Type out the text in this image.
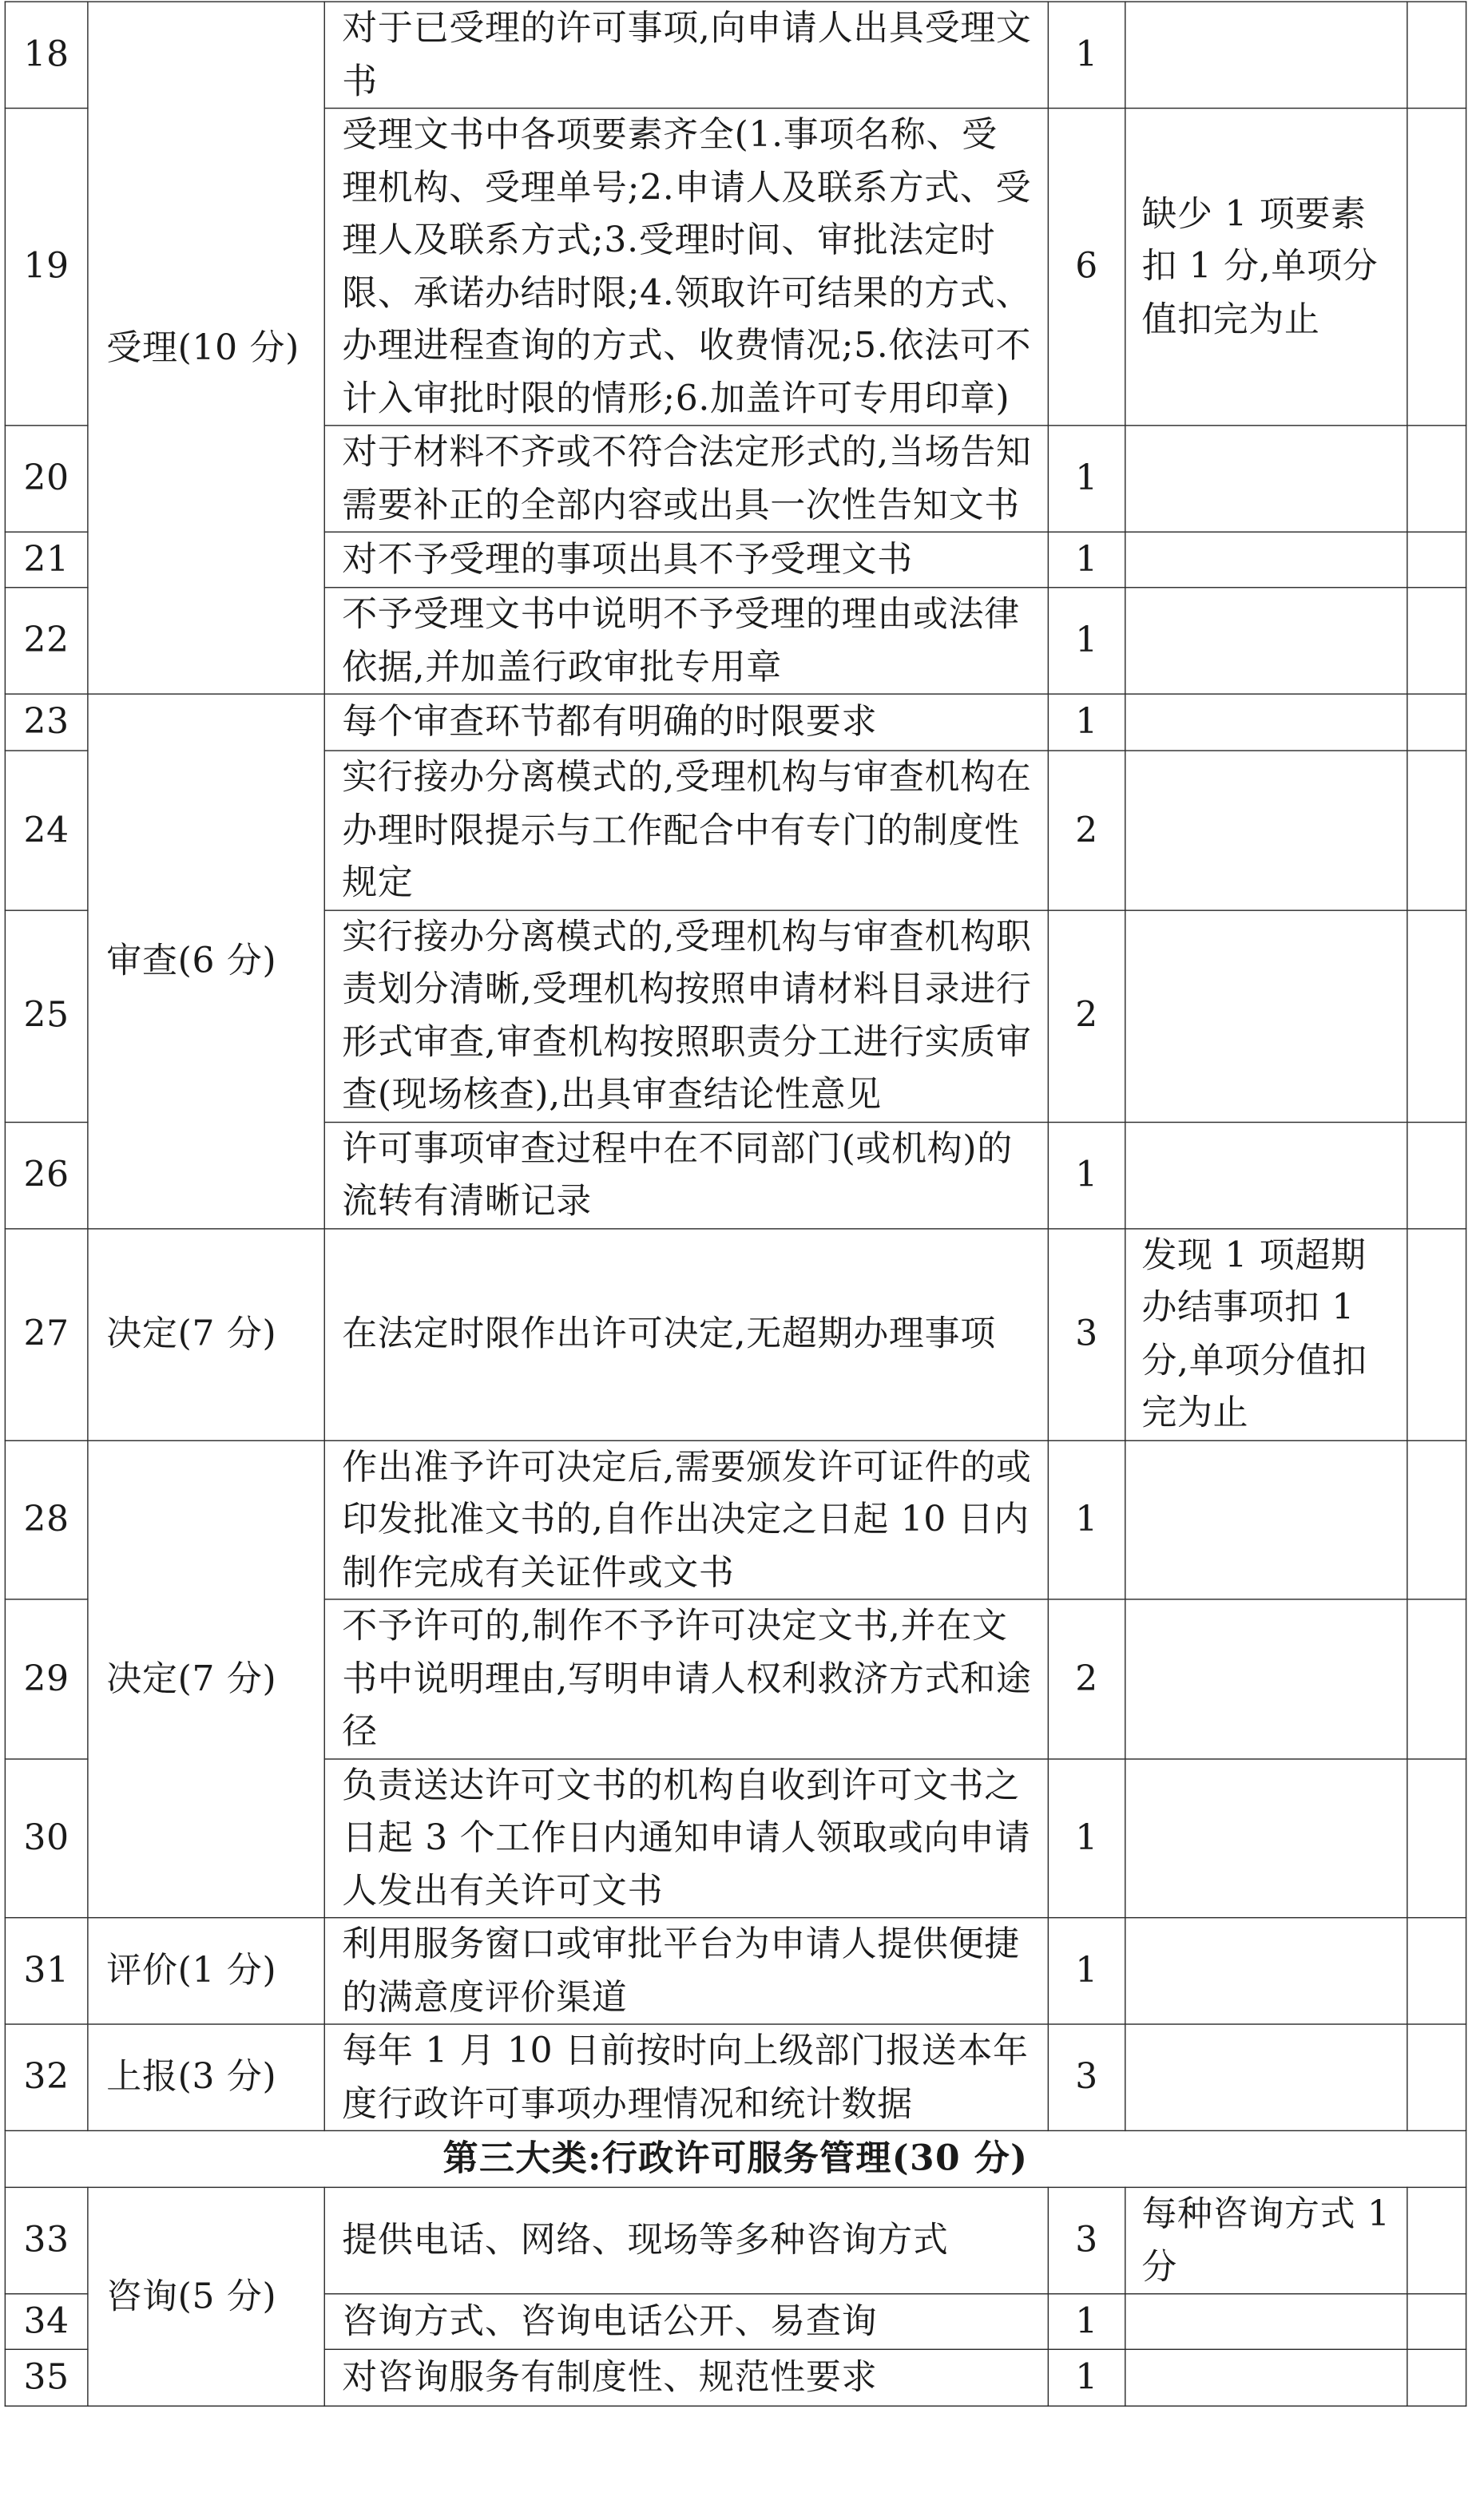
18	受理(10 分)	对于已受理的许可事项,向申请人出具受理文书	1		
19		受理文书中各项要素齐全(1.事项名称、受理机构、受理单号;2.申请人及联系方式、受理人及联系方式;3.受理时间、审批法定时限、承诺办结时限;4.领取许可结果的方式、办理进程查询的方式、收费情况;5.依法可不计入审批时限的情形;6.加盖许可专用印章)	6	缺少 1 项要素扣 1 分,单项分值扣完为止	
20		对于材料不齐或不符合法定形式的,当场告知需要补正的全部内容或出具一次性告知文书	1		
21		对不予受理的事项出具不予受理文书	1		
22		不予受理文书中说明不予受理的理由或法律依据,并加盖行政审批专用章	1		
23	审查(6 分)	每个审查环节都有明确的时限要求	1		
24		实行接办分离模式的,受理机构与审查机构在办理时限提示与工作配合中有专门的制度性规定	2		
25		实行接办分离模式的,受理机构与审查机构职责划分清晰,受理机构按照申请材料目录进行形式审查,审查机构按照职责分工进行实质审查(现场核查),出具审查结论性意见	2		
26		许可事项审查过程中在不同部门(或机构)的流转有清晰记录	1		
27	决定(7 分)	在法定时限作出许可决定,无超期办理事项	3	发现 1 项超期办结事项扣 1 分,单项分值扣完为止	
28	决定(7 分)	作出准予许可决定后,需要颁发许可证件的或印发批准文书的,自作出决定之日起 10 日内制作完成有关证件或文书	1		
29		不予许可的,制作不予许可决定文书,并在文书中说明理由,写明申请人权利救济方式和途径	2		
30		负责送达许可文书的机构自收到许可文书之日起 3 个工作日内通知申请人领取或向申请人发出有关许可文书	1		
31	评价(1 分)	利用服务窗口或审批平台为申请人提供便捷的满意度评价渠道	1		
32	上报(3 分)	每年 1 月 10 日前按时向上级部门报送本年度行政许可事项办理情况和统计数据	3		
第三大类:行政许可服务管理(30 分)					
33	咨询(5 分)	提供电话、网络、现场等多种咨询方式	3	每种咨询方式 1 分	
34		咨询方式、咨询电话公开、易查询	1		
35		对咨询服务有制度性、规范性要求	1		
